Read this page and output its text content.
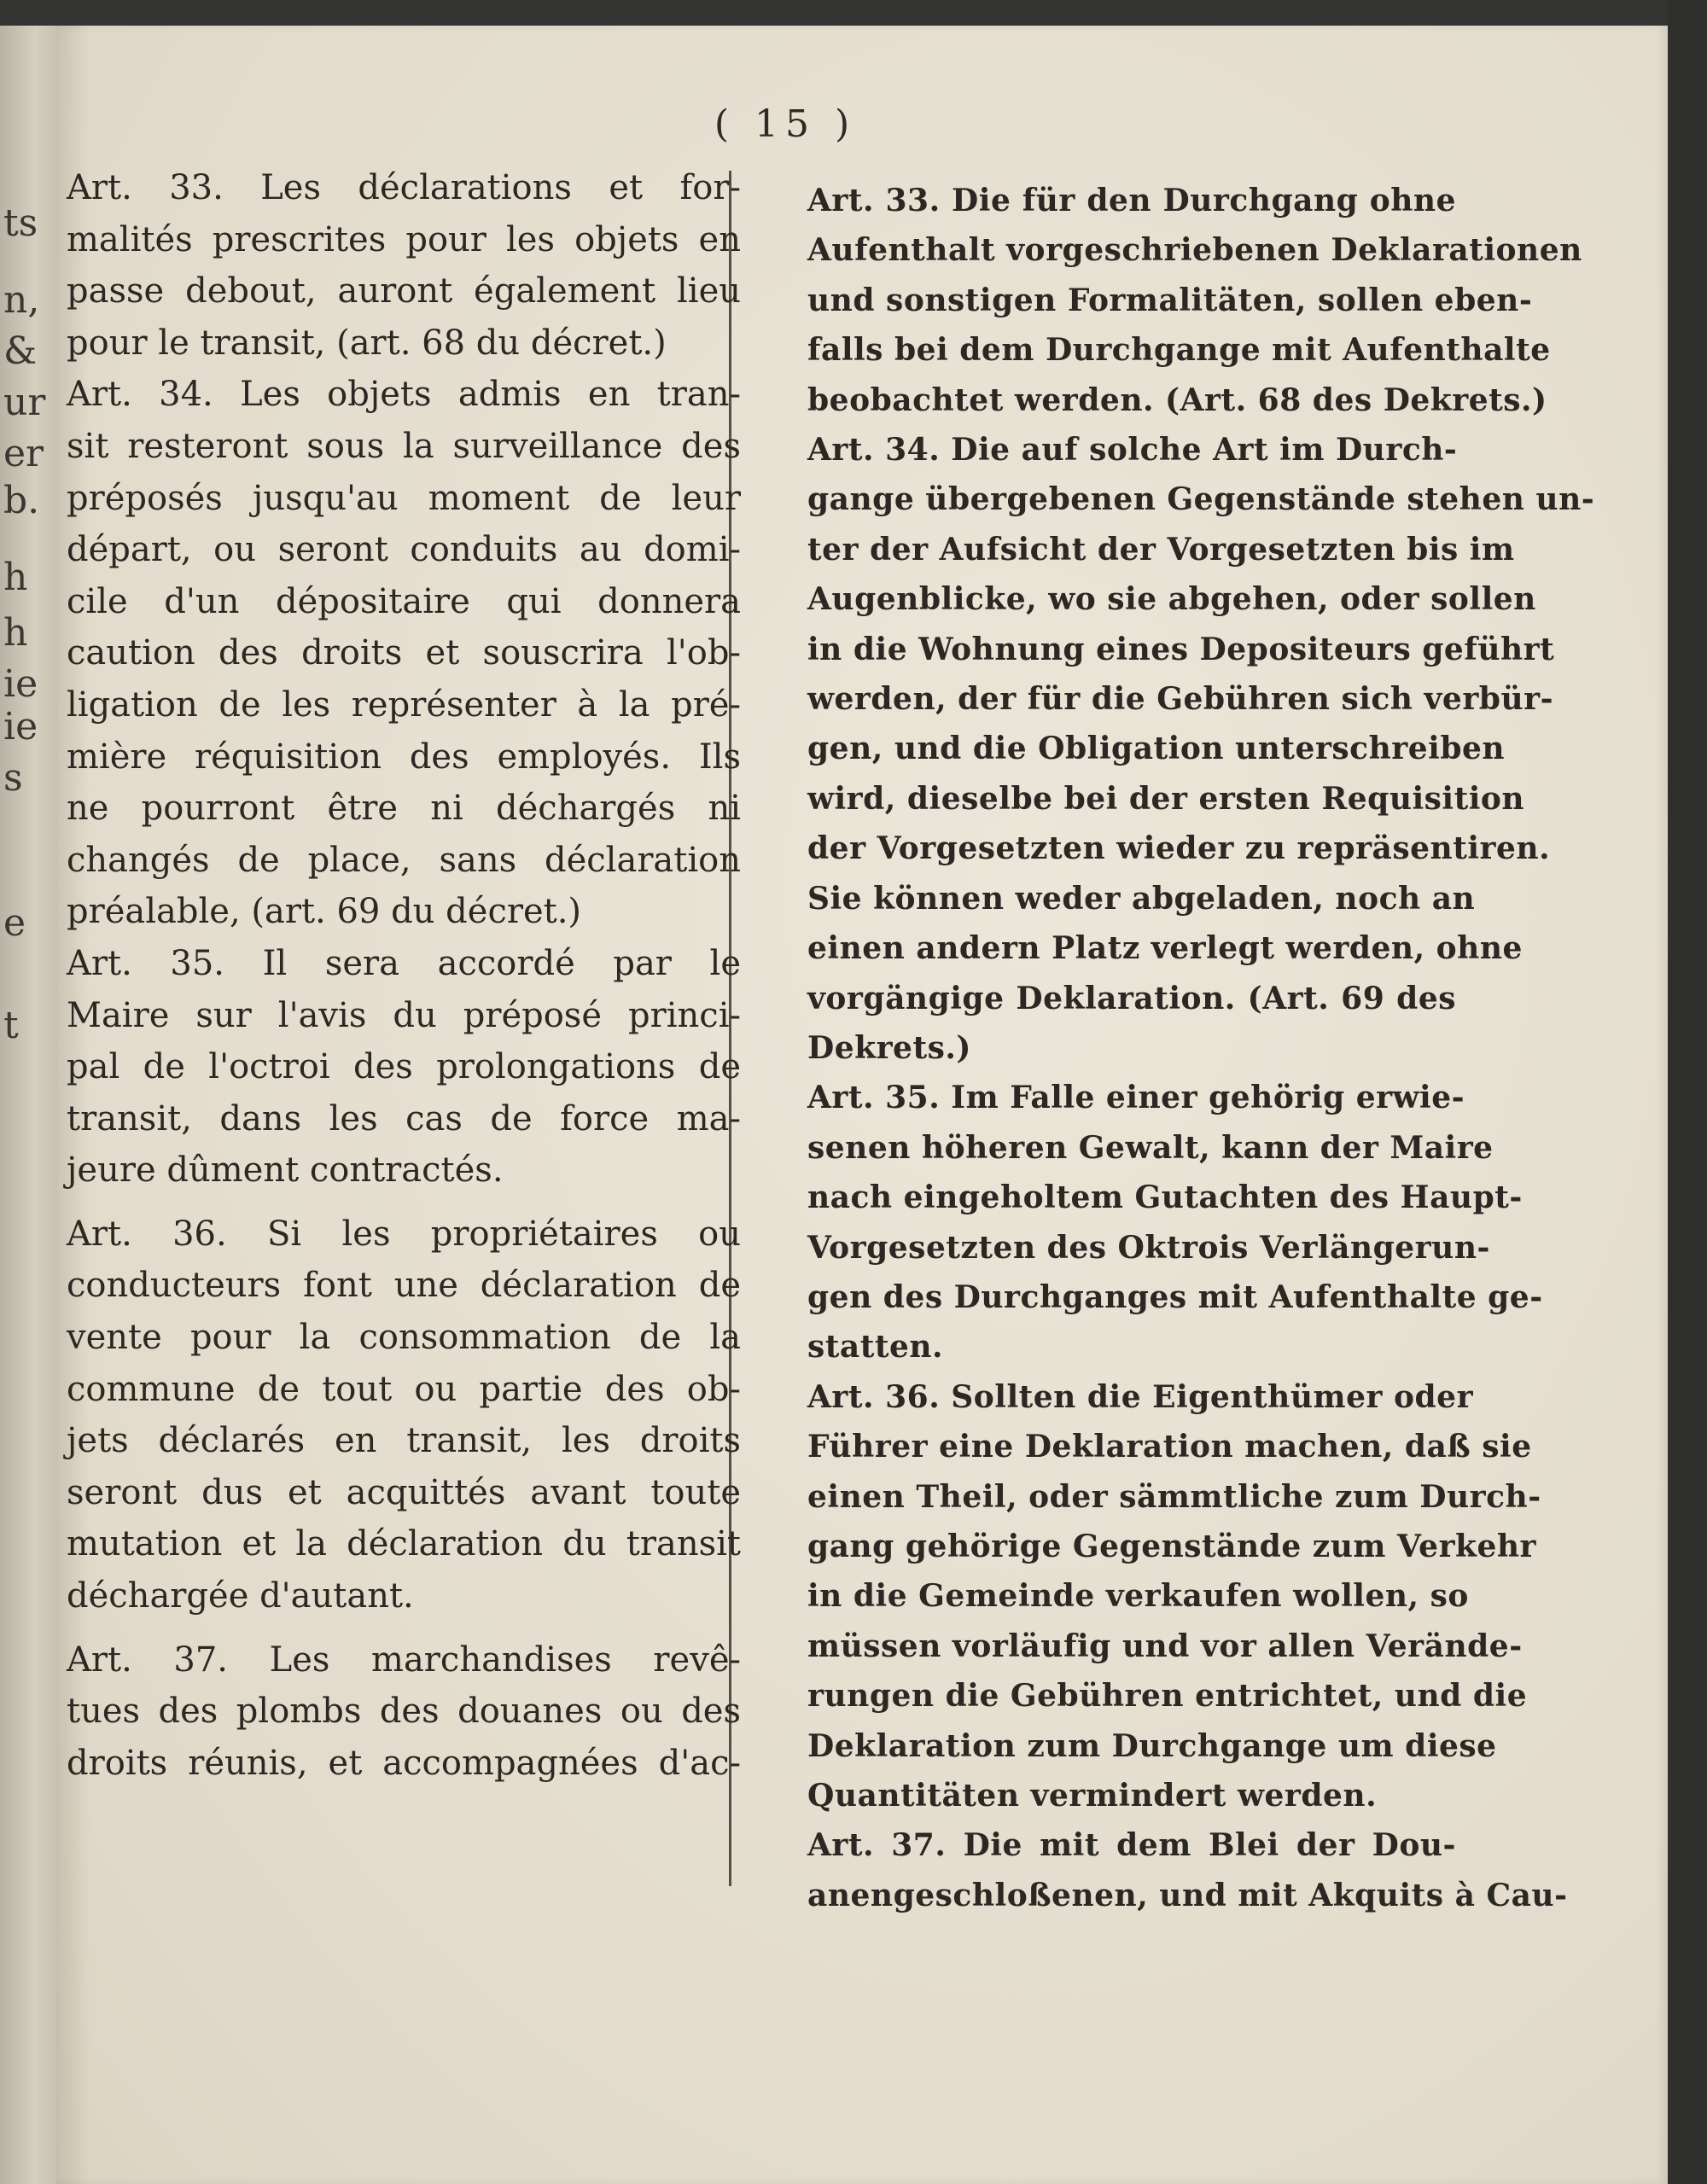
ts
n,
&
ur
er
b.
h
h
ie
ie
s
e
t
( 15 )
Art. 33. Les déclarations et for-
malités prescrites pour les objets en
passe debout, auront également lieu
pour le transit, (art. 68 du décret.)
Art. 34. Les objets admis en tran-
sit resteront sous la surveillance des
préposés jusqu'au moment de leur
départ, ou seront conduits au domi-
cile d'un dépositaire qui donnera
caution des droits et souscrira l'ob-
ligation de les représenter à la pré-
mière réquisition des employés. Ils
ne pourront être ni déchargés ni
changés de place, sans déclaration
préalable, (art. 69 du décret.)
Art. 35. Il sera accordé par le
Maire sur l'avis du préposé princi-
pal de l'octroi des prolongations de
transit, dans les cas de force ma-
jeure dûment contractés.
Art. 36. Si les propriétaires ou
conducteurs font une déclaration de
vente pour la consommation de la
commune de tout ou partie des ob-
jets déclarés en transit, les droits
seront dus et acquittés avant toute
mutation et la déclaration du transit
déchargée d'autant.
Art. 37. Les marchandises revê-
tues des plombs des douanes ou des
droits réunis, et accompagnées d'ac-
Art. 33. Die für den Durchgang ohne
Aufenthalt vorgeschriebenen Deklarationen
und sonstigen Formalitäten, sollen eben-
falls bei dem Durchgange mit Aufenthalte
beobachtet werden. (Art. 68 des Dekrets.)
Art. 34. Die auf solche Art im Durch-
gange übergebenen Gegenstände stehen un-
ter der Aufsicht der Vorgesetzten bis im
Augenblicke, wo sie abgehen, oder sollen
in die Wohnung eines Depositeurs geführt
werden, der für die Gebühren sich verbür-
gen, und die Obligation unterschreiben
wird, dieselbe bei der ersten Requisition
der Vorgesetzten wieder zu repräsentiren.
Sie können weder abgeladen, noch an
einen andern Platz verlegt werden, ohne
vorgängige Deklaration. (Art. 69 des
Dekrets.)
Art. 35. Im Falle einer gehörig erwie-
senen höheren Gewalt, kann der Maire
nach eingeholtem Gutachten des Haupt-
Vorgesetzten des Oktrois Verlängerun-
gen des Durchganges mit Aufenthalte ge-
statten.
Art. 36. Sollten die Eigenthümer oder
Führer eine Deklaration machen, daß sie
einen Theil, oder sämmtliche zum Durch-
gang gehörige Gegenstände zum Verkehr
in die Gemeinde verkaufen wollen, so
müssen vorläufig und vor allen Verände-
rungen die Gebühren entrichtet, und die
Deklaration zum Durchgange um diese
Quantitäten vermindert werden.
Art. 37. Die mit dem Blei der Dou-
anengeschloßenen, und mit Akquits à Cau-
